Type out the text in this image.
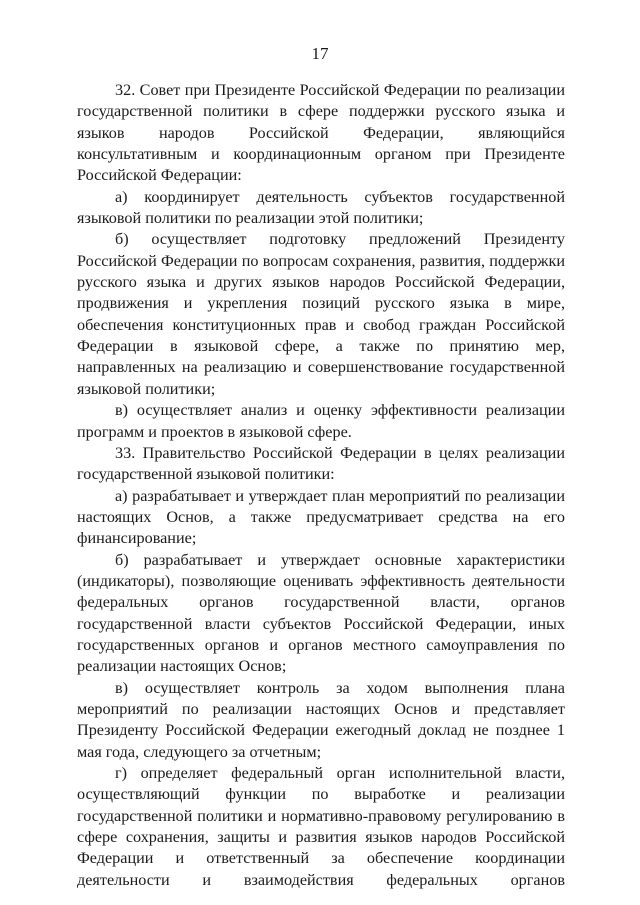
17

32. Совет при Президенте Российской Федерации по реализации государственной политики в сфере поддержки русского языка и языков народов Российской Федерации, являющийся консультативным и координационным органом при Президенте Российской Федерации:

а) координирует деятельность субъектов государственной языковой политики по реализации этой политики;

б) осуществляет подготовку предложений Президенту Российской Федерации по вопросам сохранения, развития, поддержки русского языка и других языков народов Российской Федерации, продвижения и укрепления позиций русского языка в мире, обеспечения конституционных прав и свобод граждан Российской Федерации в языковой сфере, а также по принятию мер, направленных на реализацию и совершенствование государственной языковой политики;

в) осуществляет анализ и оценку эффективности реализации программ и проектов в языковой сфере.

33. Правительство Российской Федерации в целях реализации государственной языковой политики:

а) разрабатывает и утверждает план мероприятий по реализации настоящих Основ, а также предусматривает средства на его финансирование;

б) разрабатывает и утверждает основные характеристики (индикаторы), позволяющие оценивать эффективность деятельности федеральных органов государственной власти, органов государственной власти субъектов Российской Федерации, иных государственных органов и органов местного самоуправления по реализации настоящих Основ;

в) осуществляет контроль за ходом выполнения плана мероприятий по реализации настоящих Основ и представляет Президенту Российской Федерации ежегодный доклад не позднее 1 мая года, следующего за отчетным;

г) определяет федеральный орган исполнительной власти, осуществляющий функции по выработке и реализации государственной политики и нормативно-правовому регулированию в сфере сохранения, защиты и развития языков народов Российской Федерации и ответственный за обеспечение координации деятельности и взаимодействия федеральных органов
